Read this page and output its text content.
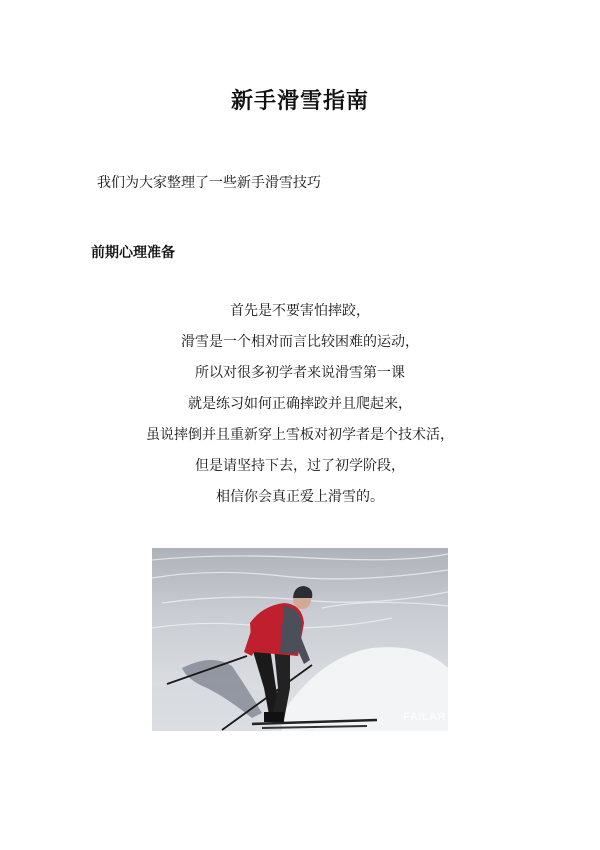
新手滑雪指南

我们为大家整理了一些新手滑雪技巧

前期心理准备
首先是不要害怕摔跤，
滑雪是一个相对而言比较困难的运动，
所以对很多初学者来说滑雪第一课
就是练习如何正确摔跤并且爬起来，
虽说摔倒并且重新穿上雪板对初学者是个技术活，
但是请坚持下去，过了初学阶段，
相信你会真正爱上滑雪的。
FAILAR
